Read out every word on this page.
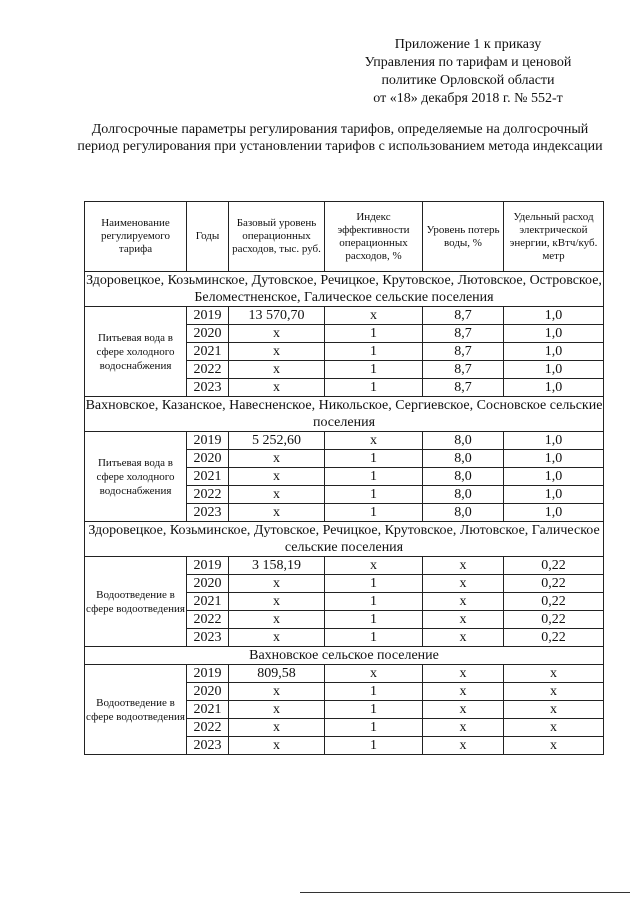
Приложение 1 к приказу
Управления по тарифам и ценовой
политике Орловской области
от «18» декабря 2018 г. № 552-т
Долгосрочные параметры регулирования тарифов, определяемые на долгосрочный период регулирования при установлении тарифов с использованием метода индексации
Наименование регулируемого тарифа	Годы	Базовый уровень операционных расходов, тыс. руб.	Индекс эффективности операционных расходов, %	Уровень потерь воды, %	Удельный расход электрической энергии, кВтч/куб. метр
Здоровецкое, Козьминское, Дутовское, Речицкое, Крутовское, Лютовское, Островское, Беломестненское, Галическое сельские поселения					
Питьевая вода в сфере холодного водоснабжения	2019	13 570,70	х	8,7	1,0
	2020	х	1	8,7	1,0
	2021	х	1	8,7	1,0
	2022	х	1	8,7	1,0
	2023	х	1	8,7	1,0
Вахновское, Казанское, Навесненское, Никольское, Сергиевское, Сосновское сельские поселения					
Питьевая вода в сфере холодного водоснабжения	2019	5 252,60	х	8,0	1,0
	2020	х	1	8,0	1,0
	2021	х	1	8,0	1,0
	2022	х	1	8,0	1,0
	2023	х	1	8,0	1,0
Здоровецкое, Козьминское, Дутовское, Речицкое, Крутовское, Лютовское, Галическое сельские поселения					
Водоотведение в сфере водоотведения	2019	3 158,19	х	х	0,22
	2020	х	1	х	0,22
	2021	х	1	х	0,22
	2022	х	1	х	0,22
	2023	х	1	х	0,22
Вахновское сельское поселение					
Водоотведение в сфере водоотведения	2019	809,58	х	х	х
	2020	х	1	х	х
	2021	х	1	х	х
	2022	х	1	х	х
	2023	х	1	х	х
